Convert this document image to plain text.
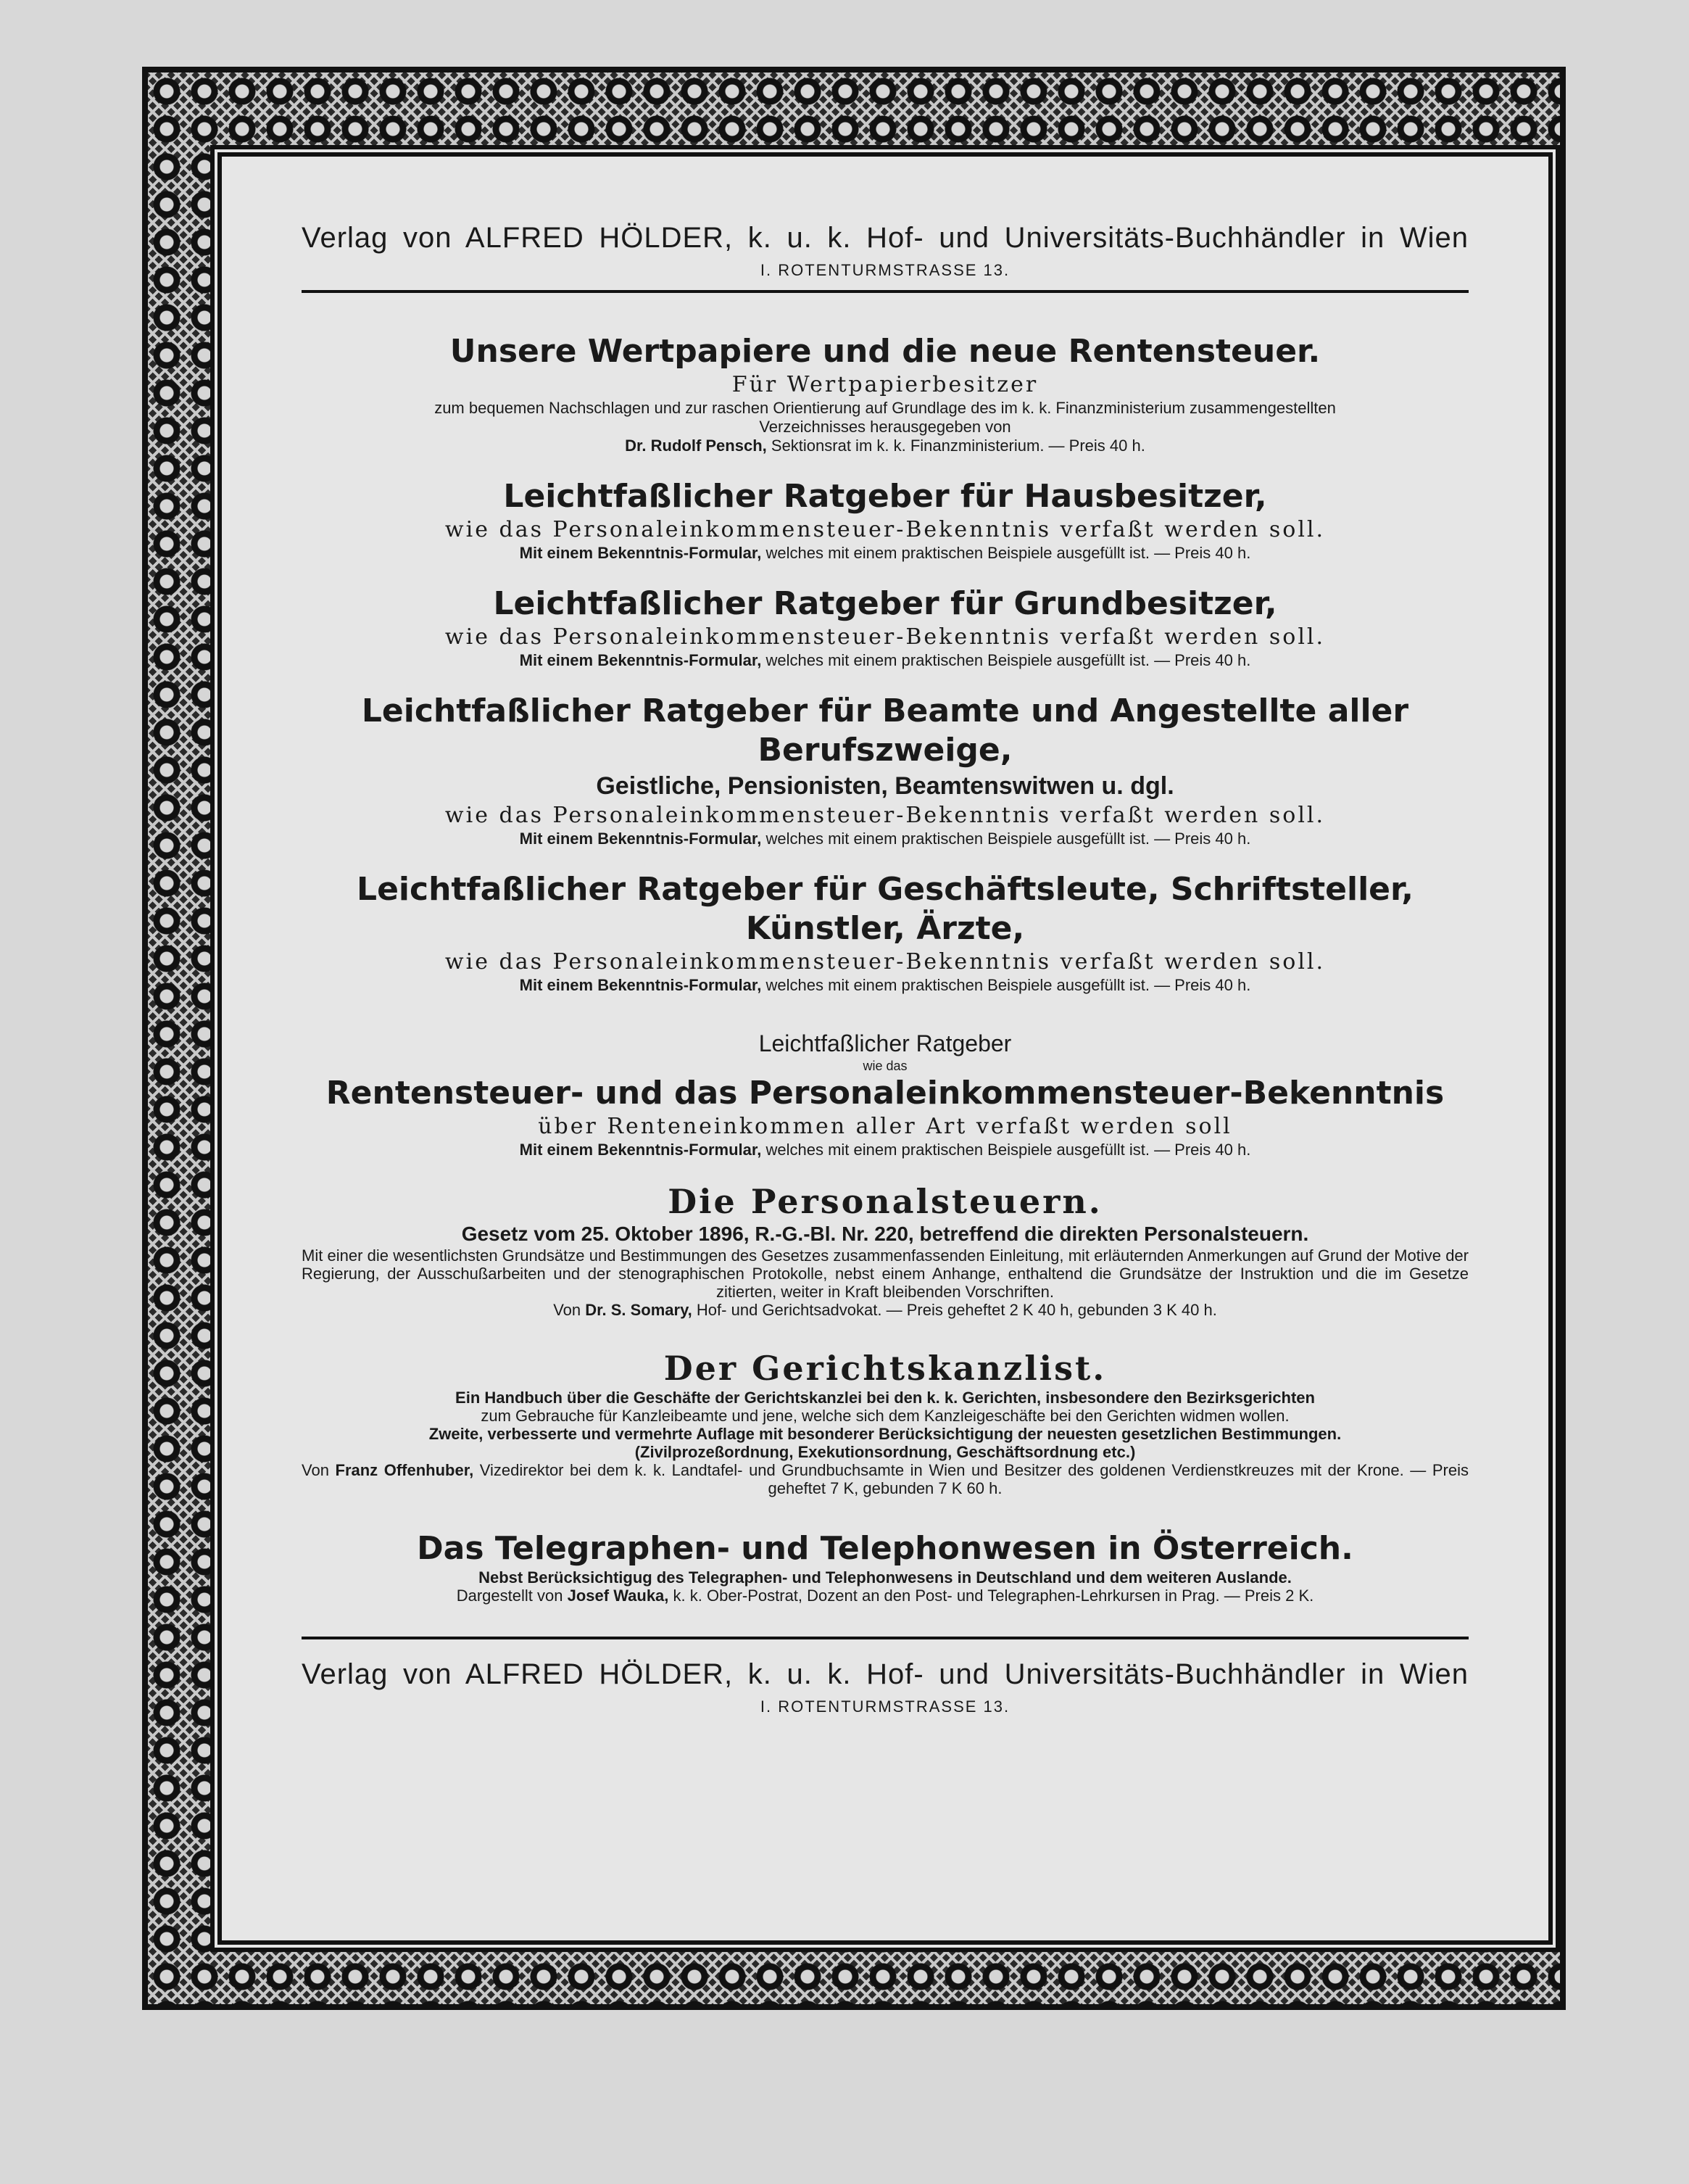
Verlag von ALFRED HÖLDER, k. u. k. Hof- und Universitäts-Buchhändler in Wien
I. ROTENTURMSTRASSE 13.
Unsere Wertpapiere und die neue Rentensteuer.
Für Wertpapierbesitzer
zum bequemen Nachschlagen und zur raschen Orientierung auf Grundlage des im k. k. Finanzministerium zusammengestellten
Verzeichnisses herausgegeben von
Dr. Rudolf Pensch, Sektionsrat im k. k. Finanzministerium. — Preis 40 h.
Leichtfaßlicher Ratgeber für Hausbesitzer,
wie das Personaleinkommensteuer-Bekenntnis verfaßt werden soll.
Mit einem Bekenntnis-Formular, welches mit einem praktischen Beispiele ausgefüllt ist. — Preis 40 h.
Leichtfaßlicher Ratgeber für Grundbesitzer,
wie das Personaleinkommensteuer-Bekenntnis verfaßt werden soll.
Mit einem Bekenntnis-Formular, welches mit einem praktischen Beispiele ausgefüllt ist. — Preis 40 h.
Leichtfaßlicher Ratgeber für Beamte und Angestellte aller Berufszweige,
Geistliche, Pensionisten, Beamtenswitwen u. dgl.
wie das Personaleinkommensteuer-Bekenntnis verfaßt werden soll.
Mit einem Bekenntnis-Formular, welches mit einem praktischen Beispiele ausgefüllt ist. — Preis 40 h.
Leichtfaßlicher Ratgeber für Geschäftsleute, Schriftsteller, Künstler, Ärzte,
wie das Personaleinkommensteuer-Bekenntnis verfaßt werden soll.
Mit einem Bekenntnis-Formular, welches mit einem praktischen Beispiele ausgefüllt ist. — Preis 40 h.
Leichtfaßlicher Ratgeber
wie das
Rentensteuer- und das Personaleinkommensteuer-Bekenntnis
über Renteneinkommen aller Art verfaßt werden soll
Mit einem Bekenntnis-Formular, welches mit einem praktischen Beispiele ausgefüllt ist. — Preis 40 h.
Die Personalsteuern.
Gesetz vom 25. Oktober 1896, R.-G.-Bl. Nr. 220, betreffend die direkten Personalsteuern.
Mit einer die wesentlichsten Grundsätze und Bestimmungen des Gesetzes zusammenfassenden Einleitung, mit erläuternden Anmerkungen auf Grund der Motive der Regierung, der Ausschußarbeiten und der stenographischen Protokolle, nebst einem Anhange, enthaltend die Grundsätze der Instruktion und die im Gesetze zitierten, weiter in Kraft bleibenden Vorschriften.
Von Dr. S. Somary, Hof- und Gerichtsadvokat. — Preis geheftet 2 K 40 h, gebunden 3 K 40 h.
Der Gerichtskanzlist.
Ein Handbuch über die Geschäfte der Gerichtskanzlei bei den k. k. Gerichten, insbesondere den Bezirksgerichten
zum Gebrauche für Kanzleibeamte und jene, welche sich dem Kanzleigeschäfte bei den Gerichten widmen wollen.
Zweite, verbesserte und vermehrte Auflage mit besonderer Berücksichtigung der neuesten gesetzlichen Bestimmungen.
(Zivilprozeßordnung, Exekutionsordnung, Geschäftsordnung etc.)
Von Franz Offenhuber, Vizedirektor bei dem k. k. Landtafel- und Grundbuchsamte in Wien und Besitzer des goldenen Verdienstkreuzes mit der Krone. — Preis geheftet 7 K, gebunden 7 K 60 h.
Das Telegraphen- und Telephonwesen in Österreich.
Nebst Berücksichtigug des Telegraphen- und Telephonwesens in Deutschland und dem weiteren Auslande.
Dargestellt von Josef Wauka, k. k. Ober-Postrat, Dozent an den Post- und Telegraphen-Lehrkursen in Prag. — Preis 2 K.
Verlag von ALFRED HÖLDER, k. u. k. Hof- und Universitäts-Buchhändler in Wien
I. ROTENTURMSTRASSE 13.
